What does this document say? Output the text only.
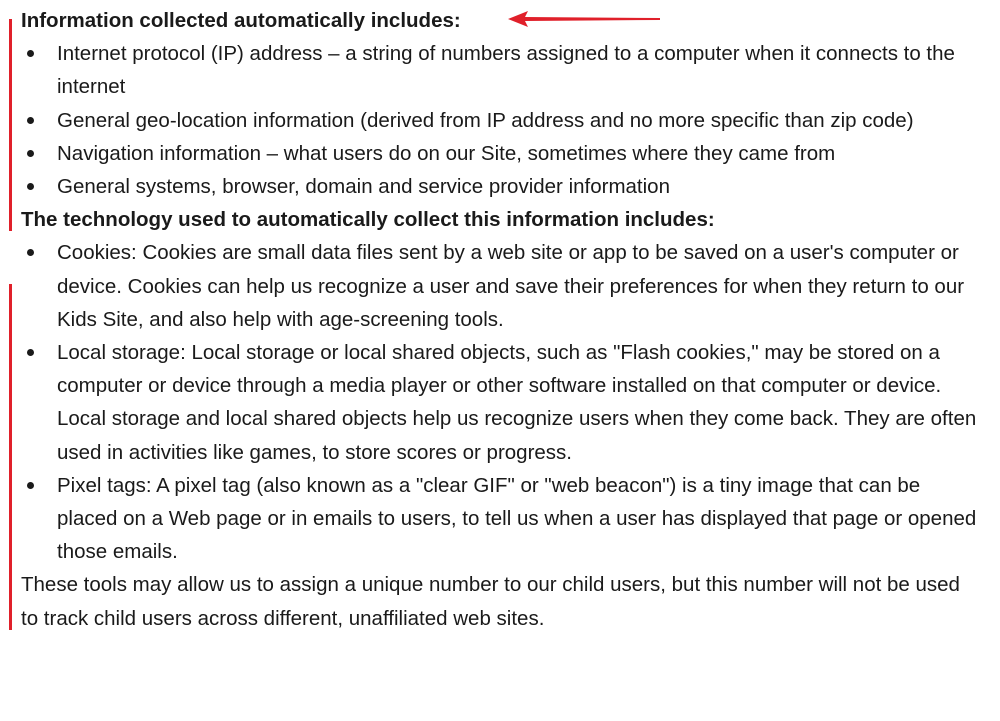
Information collected automatically includes:

Internet protocol (IP) address – a string of numbers assigned to a computer when it connects to the internet
General geo-location information (derived from IP address and no more specific than zip code)
Navigation information – what users do on our Site, sometimes where they came from
General systems, browser, domain and service provider information

The technology used to automatically collect this information includes:

Cookies: Cookies are small data files sent by a web site or app to be saved on a user's computer or device. Cookies can help us recognize a user and save their preferences for when they return to our Kids Site, and also help with age-screening tools.
Local storage: Local storage or local shared objects, such as "Flash cookies," may be stored on a computer or device through a media player or other software installed on that computer or device. Local storage and local shared objects help us recognize users when they come back. They are often used in activities like games, to store scores or progress.
Pixel tags: A pixel tag (also known as a "clear GIF" or "web beacon") is a tiny image that can be placed on a Web page or in emails to users, to tell us when a user has displayed that page or opened those emails.

These tools may allow us to assign a unique number to our child users, but this number will not be used to track child users across different, unaffiliated web sites.
